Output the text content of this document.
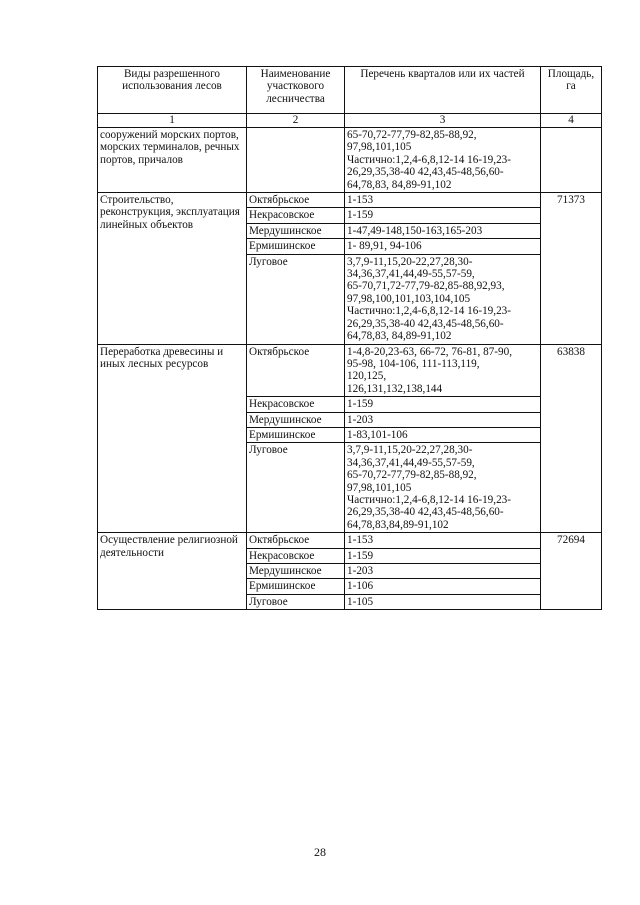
Виды разрешенного использования лесов	Наименование участкового лесничества	Перечень кварталов или их частей	Площадь, га
1	2	3	4
сооружений морских портов, морских терминалов, речных портов, причалов		65-70,72-77,79-82,85-88,92,
97,98,101,105
Частично:1,2,4-6,8,12-14 16-19,23-26,29,35,38-40 42,43,45-48,56,60-64,78,83, 84,89-91,102	
Строительство, реконструкция, эксплуатация линейных объектов	Октябрьское	1-153	71373
	Некрасовское	1-159	
	Мердушинское	1-47,49-148,150-163,165-203	
	Ермишинское	1- 89,91, 94-106	
	Луговое	3,7,9-11,15,20-22,27,28,30-34,36,37,41,44,49-55,57-59,
65-70,71,72-77,79-82,85-88,92,93,
97,98,100,101,103,104,105
Частично:1,2,4-6,8,12-14 16-19,23-26,29,35,38-40 42,43,45-48,56,60-64,78,83, 84,89-91,102	
Переработка древесины и иных лесных ресурсов	Октябрьское	1-4,8-20,23-63, 66-72, 76-81, 87-90,
95-98, 104-106, 111-113,119,
120,125,
126,131,132,138,144	63838
	Некрасовское	1-159	
	Мердушинское	1-203	
	Ермишинское	1-83,101-106	
	Луговое	3,7,9-11,15,20-22,27,28,30-34,36,37,41,44,49-55,57-59,
65-70,72-77,79-82,85-88,92,
97,98,101,105
Частично:1,2,4-6,8,12-14 16-19,23-26,29,35,38-40 42,43,45-48,56,60-64,78,83,84,89-91,102	
Осуществление религиозной деятельности	Октябрьское	1-153	72694
	Некрасовское	1-159	
	Мердушинское	1-203	
	Ермишинское	1-106	
	Луговое	1-105	
28
